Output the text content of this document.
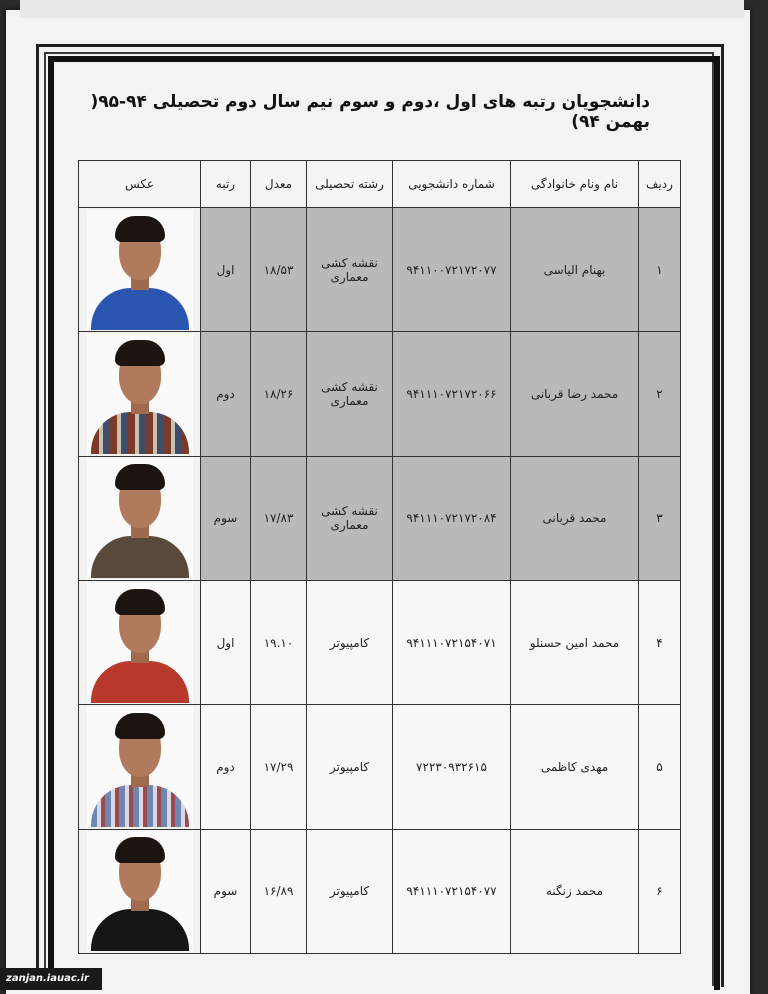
دانشجویان رتبه های اول ،دوم و سوم نیم سال دوم تحصیلی ۹۴-۹۵( بهمن ۹۴)
ردیف	نام ونام خانوادگی	شماره دانشجویی	رشته تحصیلی	معدل	رتبه	عکس
۱	بهنام الیاسی	۹۴۱۱۰۰۷۲۱۷۲۰۷۷	نقشه کشی معماری	۱۸/۵۳	اول	

۲	محمد رضا قربانی	۹۴۱۱۱۰۷۲۱۷۲۰۶۶	نقشه کشی معماری	۱۸/۲۶	دوم	

۳	محمد قربانی	۹۴۱۱۱۰۷۲۱۷۲۰۸۴	نقشه کشی معماری	۱۷/۸۳	سوم	

۴	محمد امین حسنلو	۹۴۱۱۱۰۷۲۱۵۴۰۷۱	کامپیوتر	۱۹.۱۰	اول	

۵	مهدی کاظمی	۷۲۲۳۰۹۳۲۶۱۵	کامپیوتر	۱۷/۲۹	دوم	

۶	محمد زنگنه	۹۴۱۱۱۰۷۲۱۵۴۰۷۷	کامپیوتر	۱۶/۸۹	سوم	
zanjan.iauac.ir
